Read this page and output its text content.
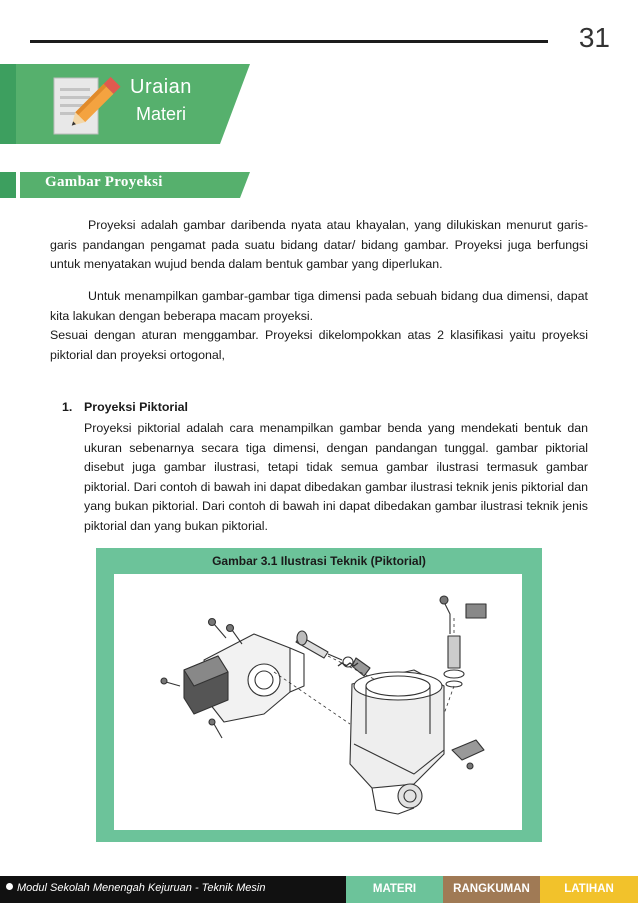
31
Uraian
Materi
Gambar Proyeksi
Proyeksi adalah gambar daribenda nyata atau khayalan, yang dilukiskan menurut garis-garis pandangan pengamat pada suatu bidang datar/ bidang gambar. Proyeksi juga berfungsi untuk menyatakan wujud benda dalam bentuk gambar yang diperlukan.
Untuk menampilkan gambar-gambar tiga dimensi pada sebuah bidang dua dimensi, dapat kita lakukan dengan beberapa macam proyeksi.
Sesuai dengan aturan menggambar. Proyeksi dikelompokkan atas 2 klasifikasi yaitu proyeksi piktorial dan proyeksi ortogonal,
1. Proyeksi Piktorial
Proyeksi piktorial adalah cara menampilkan gambar benda yang mendekati bentuk dan ukuran sebenarnya secara tiga dimensi, dengan pandangan tunggal. gambar piktorial disebut juga gambar ilustrasi, tetapi tidak semua gambar ilustrasi termasuk gambar piktorial. Dari contoh di bawah ini dapat dibedakan gambar ilustrasi teknik jenis piktorial dan yang bukan piktorial. Dari contoh di bawah ini dapat dibedakan gambar ilustrasi teknik jenis piktorial dan yang bukan piktorial.
Gambar 3.1 Ilustrasi Teknik (Piktorial)
Modul Sekolah Menengah Kejuruan - Teknik Mesin	MATERI	RANGKUMAN	LATIHAN
